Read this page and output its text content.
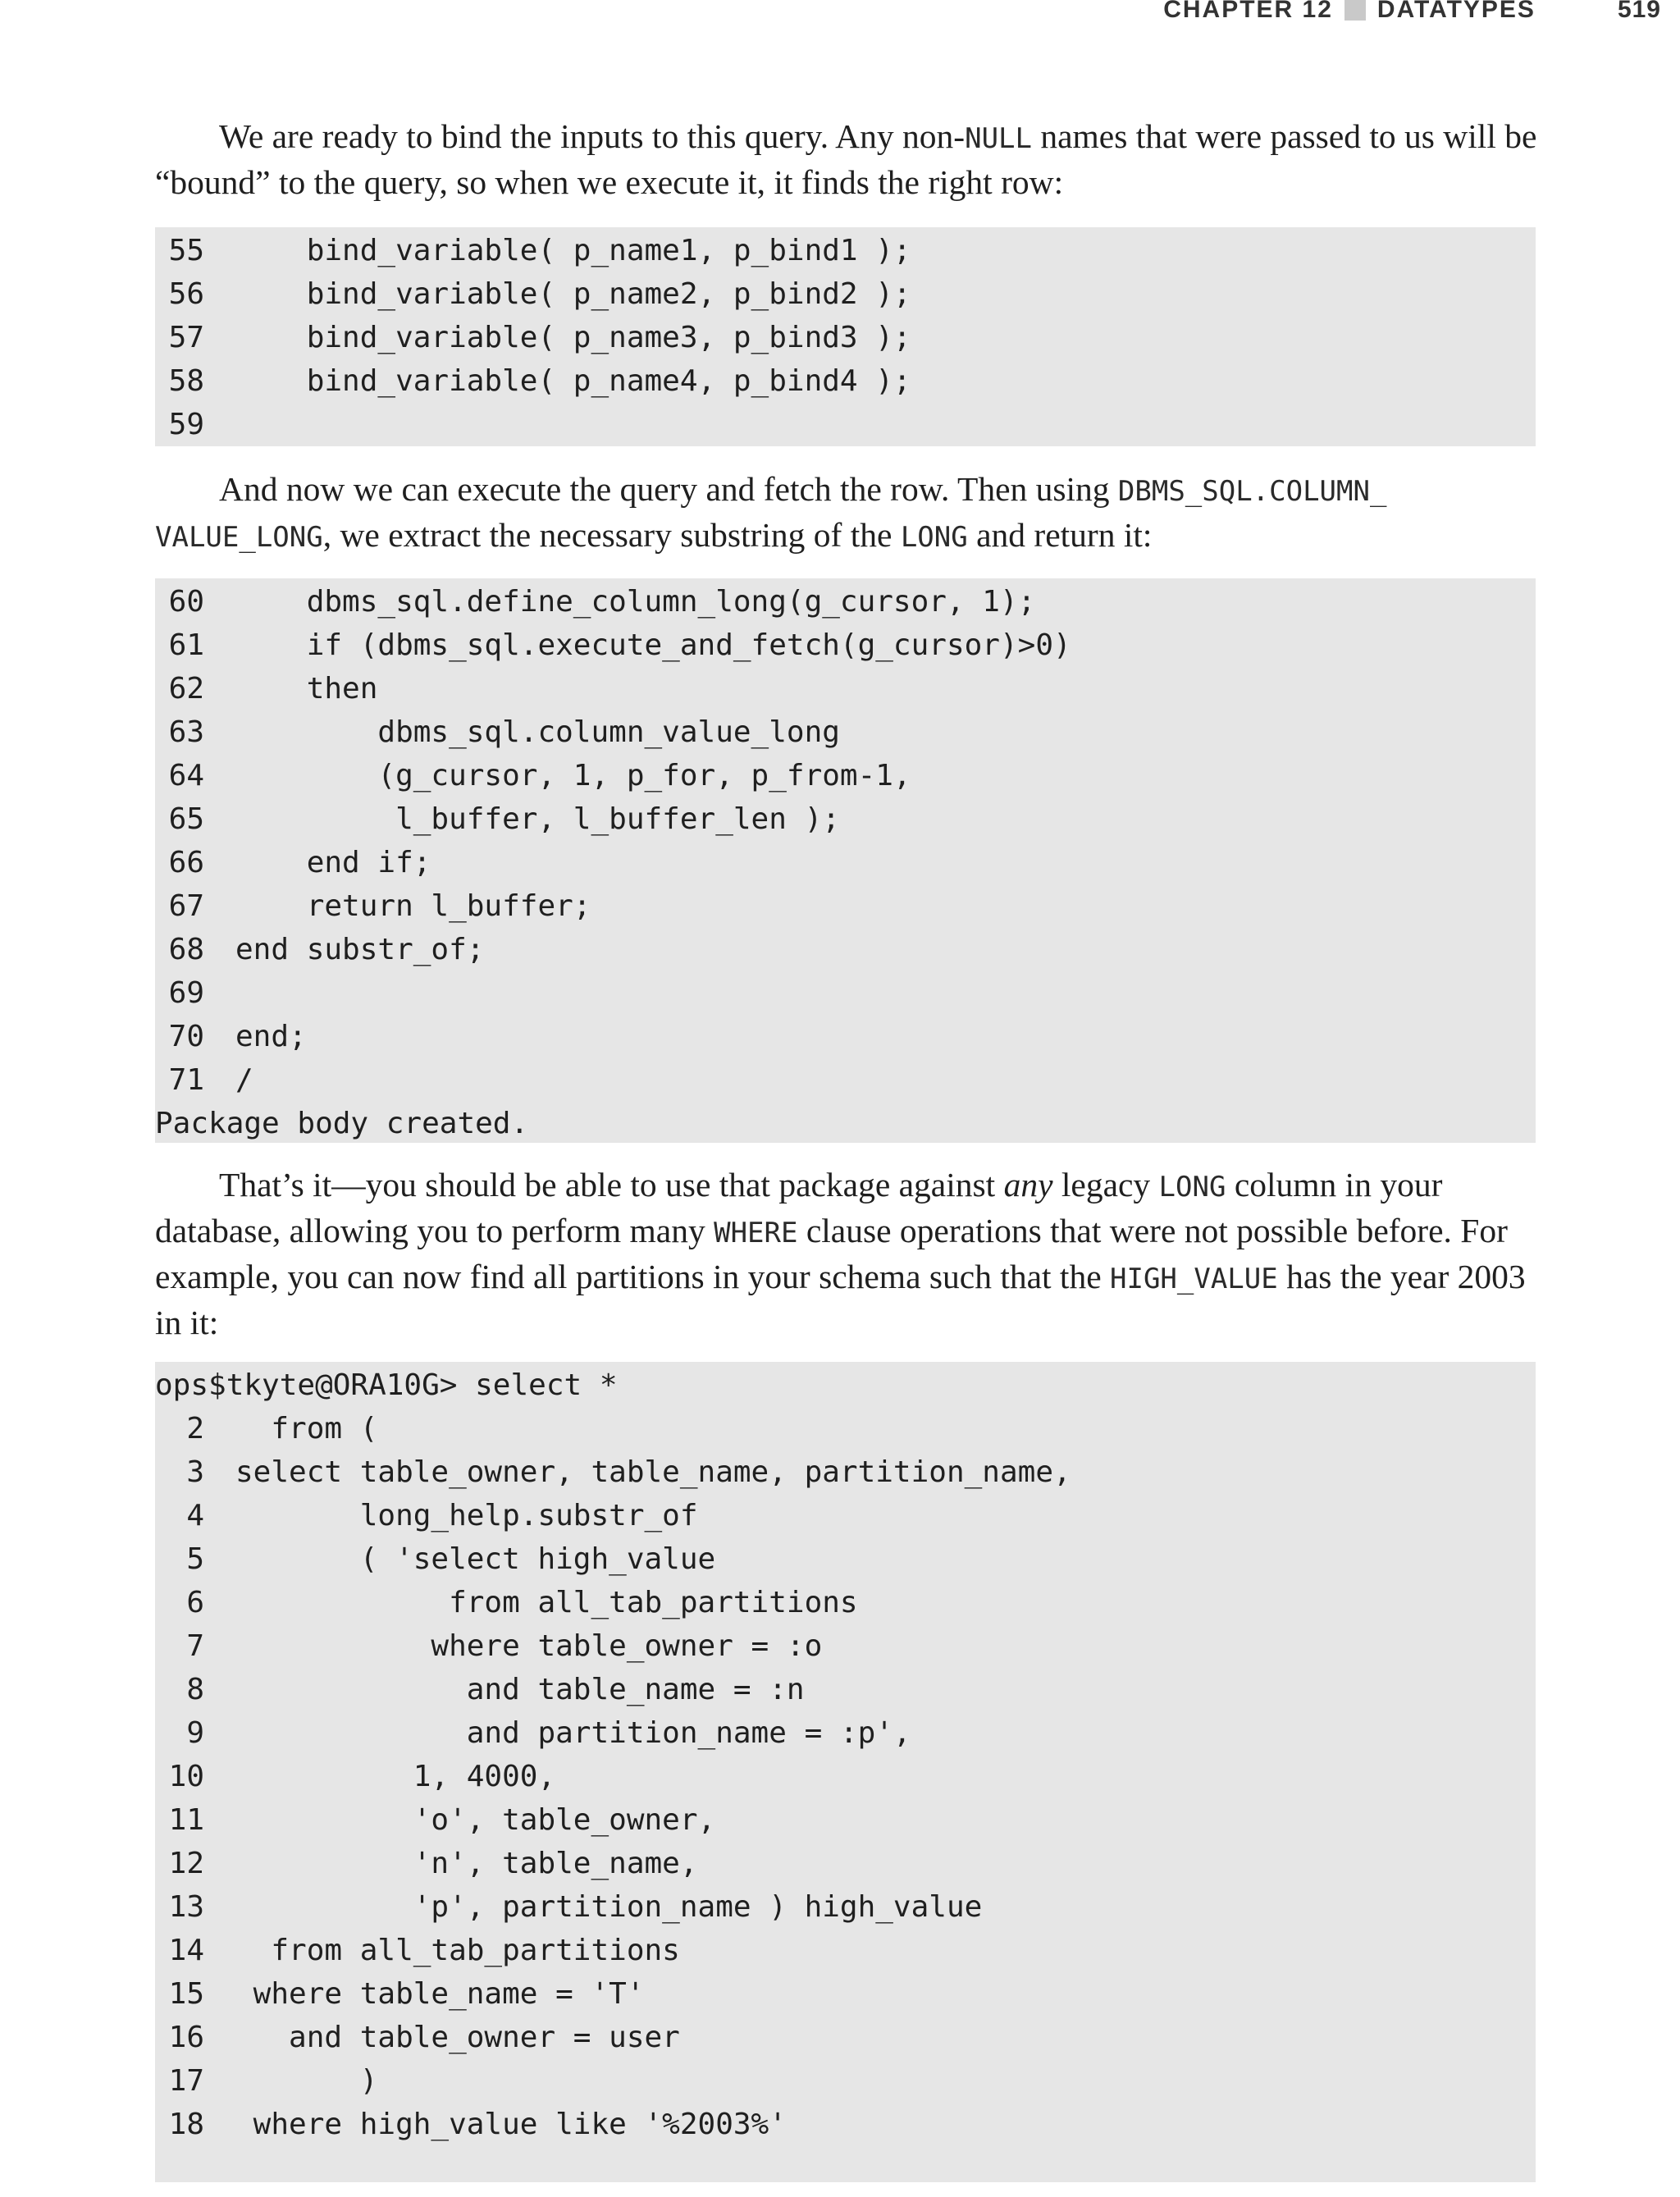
CHAPTER 12 DATATYPES	519

We are ready to bind the inputs to this query. Any non-NULL names that were passed to us will be “bound” to the query, so when we execute it, it finds the right row:

55 bind_variable( p_name1, p_bind1 );
56 bind_variable( p_name2, p_bind2 );
57 bind_variable( p_name3, p_bind3 );
58 bind_variable( p_name4, p_bind4 );
59

And now we can execute the query and fetch the row. Then using DBMS_SQL.COLUMN_ VALUE_LONG, we extract the necessary substring of the LONG and return it:

60 dbms_sql.define_column_long(g_cursor, 1);
61 if (dbms_sql.execute_and_fetch(g_cursor)>0)
62 then
63 dbms_sql.column_value_long
64 (g_cursor, 1, p_for, p_from-1,
65 l_buffer, l_buffer_len );
66 end if;
67 return l_buffer;
68 end substr_of;
69
70 end;
71 /
Package body created.

That’s it—you should be able to use that package against any legacy LONG column in your database, allowing you to perform many WHERE clause operations that were not possible before. For example, you can now find all partitions in your schema such that the HIGH_VALUE has the year 2003 in it:

ops$tkyte@ORA10G> select *
2 from (
3 select table_owner, table_name, partition_name,
4 long_help.substr_of
5 ( 'select high_value
6 from all_tab_partitions
7 where table_owner = :o
8 and table_name = :n
9 and partition_name = :p',
10 1, 4000,
11 'o', table_owner,
12 'n', table_name,
13 'p', partition_name ) high_value
14 from all_tab_partitions
15 where table_name = 'T'
16 and table_owner = user
17 )
18 where high_value like '%2003%'
